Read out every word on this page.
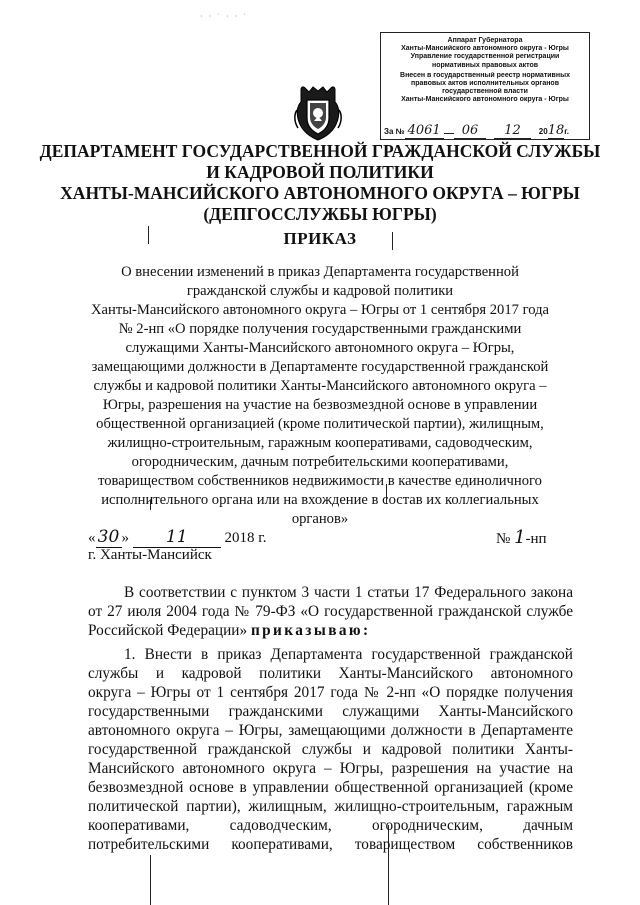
· · ˙ · · ˙
Аппарат Губернатора
Ханты-Мансийского автономного округа - Югры
Управление государственной регистрации
нормативных правовых актов
Внесен в государственный реестр нормативных
правовых актов исполнительных органов
государственной власти
Ханты-Мансийского автономного округа - Югры
За № 4061 06 12 2018г.
ДЕПАРТАМЕНТ ГОСУДАРСТВЕННОЙ ГРАЖДАНСКОЙ СЛУЖБЫ
И КАДРОВОЙ ПОЛИТИКИ
ХАНТЫ-МАНСИЙСКОГО АВТОНОМНОГО ОКРУГА – ЮГРЫ
(ДЕПГОССЛУЖБЫ ЮГРЫ)
ПРИКАЗ
О внесении изменений в приказ Департамента государственной
гражданской службы и кадровой политики
Ханты-Мансийского автономного округа – Югры от 1 сентября 2017 года
№ 2-нп «О порядке получения государственными гражданскими
служащими Ханты-Мансийского автономного округа – Югры,
замещающими должности в Департаменте государственной гражданской
службы и кадровой политики Ханты-Мансийского автономного округа –
Югры, разрешения на участие на безвозмездной основе в управлении
общественной организацией (кроме политической партии), жилищным,
жилищно-строительным, гаражным кооперативами, садоводческим,
огородническим, дачным потребительскими кооперативами,
товариществом собственников недвижимости в качестве единоличного
исполнительного органа или на вхождение в состав их коллегиальных
органов»
« 30 » 11 2018 г.	№ 1-нп
г. Ханты-Мансийск
В соответствии с пунктом 3 части 1 статьи 17 Федерального закона
от 27 июля 2004 года № 79-ФЗ «О государственной гражданской службе
Российской Федерации» приказываю:
1. Внести в приказ Департамента государственной гражданской
службы и кадровой политики Ханты-Мансийского автономного
округа – Югры от 1 сентября 2017 года № 2-нп «О порядке получения
государственными гражданскими служащими Ханты-Мансийского
автономного округа – Югры, замещающими должности в Департаменте
государственной гражданской службы и кадровой политики Ханты-
Мансийского автономного округа – Югры, разрешения на участие на
безвозмездной основе в управлении общественной организацией (кроме
политической партии), жилищным, жилищно-строительным, гаражным
кооперативами, садоводческим, огородническим, дачным
потребительскими кооперативами, товариществом собственников
